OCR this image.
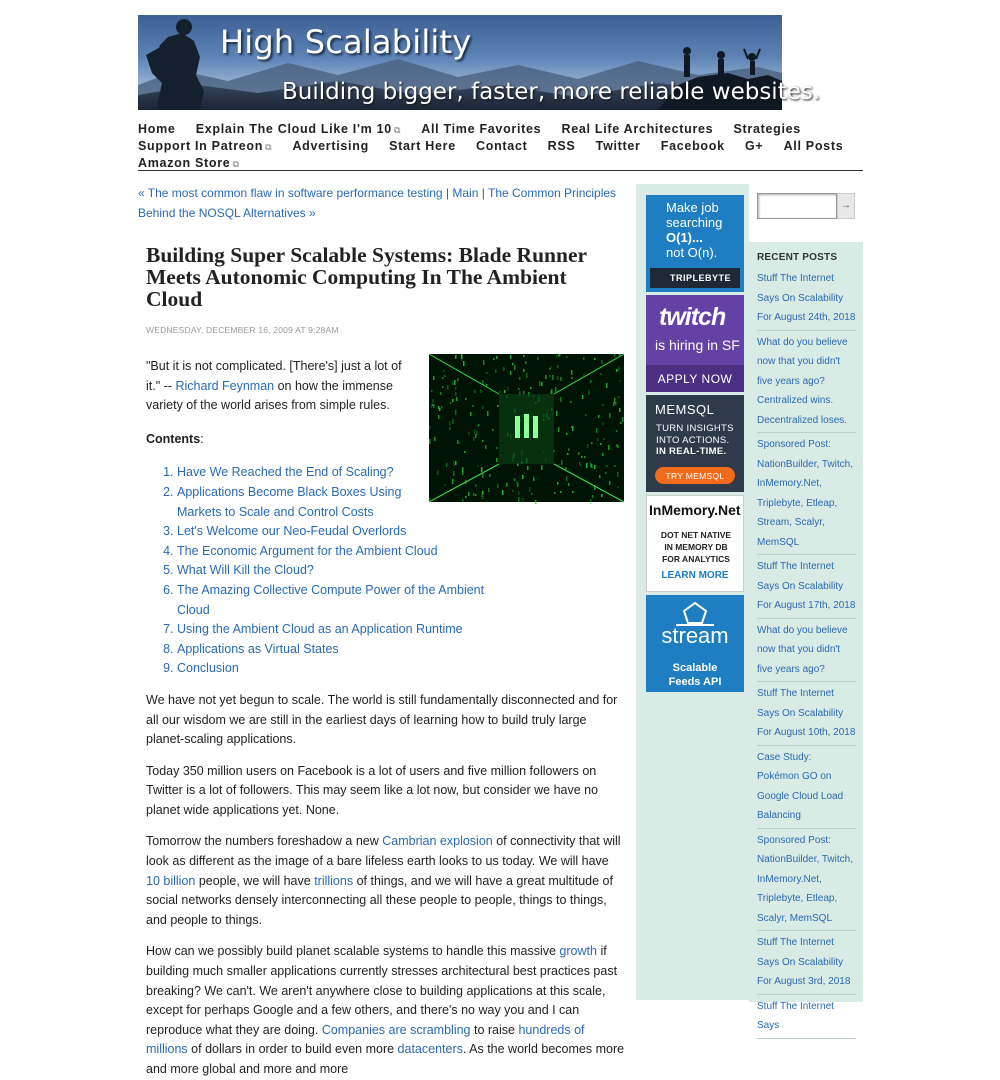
High Scalability
Building bigger, faster, more reliable websites.
Home Explain The Cloud Like I'm 10 ⧉ All Time Favorites Real Life Architectures Strategies Support In Patreon ⧉ Advertising Start Here Contact RSS Twitter Facebook G+ All Posts Amazon Store ⧉
« The most common flaw in software performance testing | Main | The Common Principles Behind the NOSQL Alternatives »
Building Super Scalable Systems: Blade Runner Meets Autonomic Computing In The Ambient Cloud
WEDNESDAY, DECEMBER 16, 2009 AT 9:28AM

"But it is not complicated. [There's] just a lot of it." -- Richard Feynman on how the immense variety of the world arises from simple rules.

Contents:

1. Have We Reached the End of Scaling?
2. Applications Become Black Boxes Using Markets to Scale and Control Costs
3. Let's Welcome our Neo-Feudal Overlords
4. The Economic Argument for the Ambient Cloud
5. What Will Kill the Cloud?
6. The Amazing Collective Compute Power of the Ambient Cloud
7. Using the Ambient Cloud as an Application Runtime
8. Applications as Virtual States
9. Conclusion

We have not yet begun to scale. The world is still fundamentally disconnected and for all our wisdom we are still in the earliest days of learning how to build truly large planet-scaling applications.

Today 350 million users on Facebook is a lot of users and five million followers on Twitter is a lot of followers. This may seem like a lot now, but consider we have no planet wide applications yet. None.

Tomorrow the numbers foreshadow a new Cambrian explosion of connectivity that will look as different as the image of a bare lifeless earth looks to us today. We will have 10 billion people, we will have trillions of things, and we will have a great multitude of social networks densely interconnecting all these people to people, things to things, and people to things.

How can we possibly build planet scalable systems to handle this massive growth if building much smaller applications currently stresses architectural best practices past breaking? We can't. We aren't anywhere close to building applications at this scale, except for perhaps Google and a few others, and there's no way you and I can reproduce what they are doing. Companies are scrambling to raise hundreds of millions of dollars in order to build even more datacenters. As the world becomes more and more global and more and more

Make job
searching
O(1)...
not O(n).
TRIPLEBYTE
twitch
is hiring in SF
APPLY NOW
MEMSQL
TURN INSIGHTS
INTO ACTIONS.
IN REAL-TIME.
TRY MEMSQL
InMemory.Net
DOT NET NATIVE
IN MEMORY DB
FOR ANALYTICS
LEARN MORE
stream
Scalable
Feeds API
→
RECENT POSTS
Stuff The Internet Says On Scalability For August 24th, 2018
What do you believe now that you didn't five years ago? Centralized wins. Decentralized loses.
Sponsored Post: NationBuilder, Twitch, InMemory.Net, Triplebyte, Etleap, Stream, Scalyr, MemSQL
Stuff The Internet Says On Scalability For August 17th, 2018
What do you believe now that you didn't five years ago?
Stuff The Internet Says On Scalability For August 10th, 2018
Case Study: Pokémon GO on Google Cloud Load Balancing
Sponsored Post: NationBuilder, Twitch, InMemory.Net, Triplebyte, Etleap, Scalyr, MemSQL
Stuff The Internet Says On Scalability For August 3rd, 2018
Stuff The Internet Says
